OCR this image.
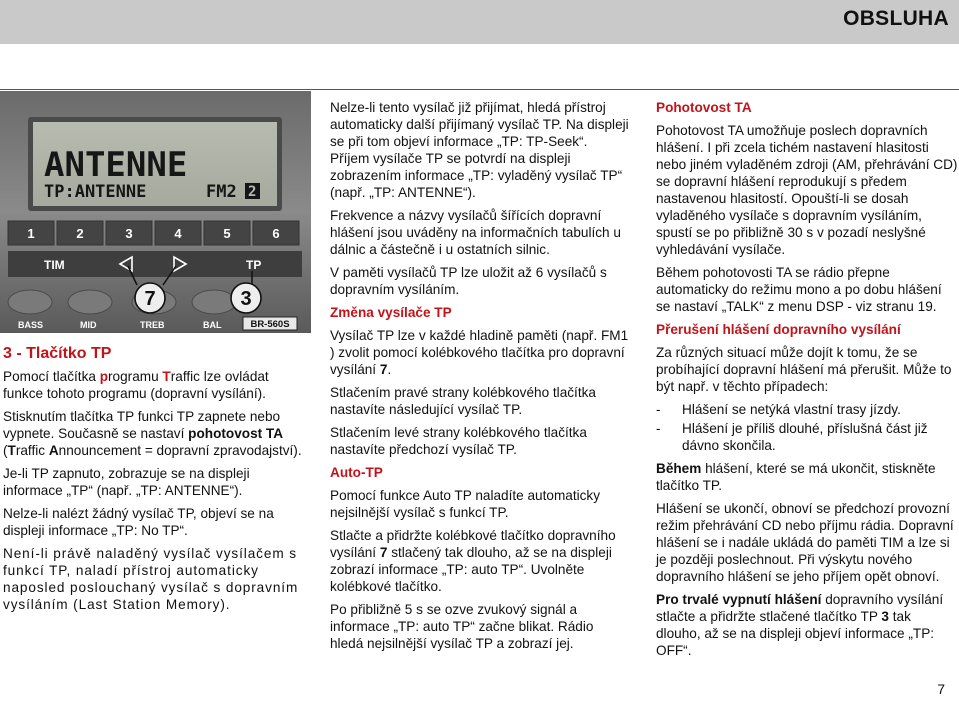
OBSLUHA
ANTENNE
TP:ANTENNE	FM2 2
1	2	3	4	5	6
TIM	TP
7	3
BASS	MID	TREB	BAL	BR-560S

3 - Tlačítko TP

Pomocí tlačítka programu Traffic lze ovládat funkce tohoto programu (dopravní vysílání).

Stisknutím tlačítka TP funkci TP zapnete nebo vypnete. Současně se nastaví pohotovost TA (Traffic Announcement = dopravní zpravodajství).

Je-li TP zapnuto, zobrazuje se na displeji informace „TP“ (např. „TP: ANTENNE“).

Nelze-li nalézt žádný vysílač TP, objeví se na displeji informace „TP: No TP“.

Není-li právě naladěný vysílač vysílačem s funkcí TP, naladí přístroj automaticky naposled poslouchaný vysílač s dopravním vysíláním (Last Station Memory).

Nelze-li tento vysílač již přijímat, hledá přístroj automaticky další přijímaný vysílač TP. Na displeji se při tom objeví informace „TP: TP-Seek“. Příjem vysílače TP se potvrdí na displeji zobrazením informace „TP: vyladěný vysílač TP“ (např. „TP: ANTENNE“).

Frekvence a názvy vysílačů šířících dopravní hlášení jsou uváděny na informačních tabulích u dálnic a částečně i u ostatních silnic.

V paměti vysílačů TP lze uložit až 6 vysílačů s dopravním vysíláním.

Změna vysílače TP

Vysílač TP lze v každé hladině paměti (např. FM1 ) zvolit pomocí kolébkového tlačítka pro dopravní vysílání 7.

Stlačením pravé strany kolébkového tlačítka nastavíte následující vysílač TP.

Stlačením levé strany kolébkového tlačítka nastavíte předchozí vysílač TP.

Auto-TP

Pomocí funkce Auto TP naladíte automaticky nejsilnější vysílač s funkcí TP.

Stlačte a přidržte kolébkové tlačítko dopravního vysílání 7 stlačený tak dlouho, až se na displeji zobrazí informace „TP: auto TP“. Uvolněte kolébkové tlačítko.

Po přibližně 5 s se ozve zvukový signál a informace „TP: auto TP“ začne blikat. Rádio hledá nejsilnější vysílač TP a zobrazí jej.

Pohotovost TA

Pohotovost TA umožňuje poslech dopravních hlášení. I při zcela tichém nastavení hlasitosti nebo jiném vyladěném zdroji (AM, přehrávání CD) se dopravní hlášení reprodukují s předem nastavenou hlasitostí. Opouští-li se dosah vyladěného vysílače s dopravním vysíláním, spustí se po přibližně 30 s v pozadí neslyšné vyhledávání vysílače.

Během pohotovosti TA se rádio přepne automaticky do režimu mono a po dobu hlášení se nastaví „TALK“ z menu DSP - viz stranu 19.

Přerušení hlášení dopravního vysílání

Za různých situací může dojít k tomu, že se probíhající dopravní hlášení má přerušit. Může to být např. v těchto případech:

- Hlášení se netýká vlastní trasy jízdy.
- Hlášení je příliš dlouhé, příslušná část již dávno skončila.

Během hlášení, které se má ukončit, stiskněte tlačítko TP.

Hlášení se ukončí, obnoví se předchozí provozní režim přehrávání CD nebo příjmu rádia. Dopravní hlášení se i nadále ukládá do paměti TIM a lze si je později poslechnout. Při výskytu nového dopravního hlášení se jeho příjem opět obnoví.

Pro trvalé vypnutí hlášení dopravního vysílání stlačte a přidržte stlačené tlačítko TP 3 tak dlouho, až se na displeji objeví informace „TP: OFF“.

7
